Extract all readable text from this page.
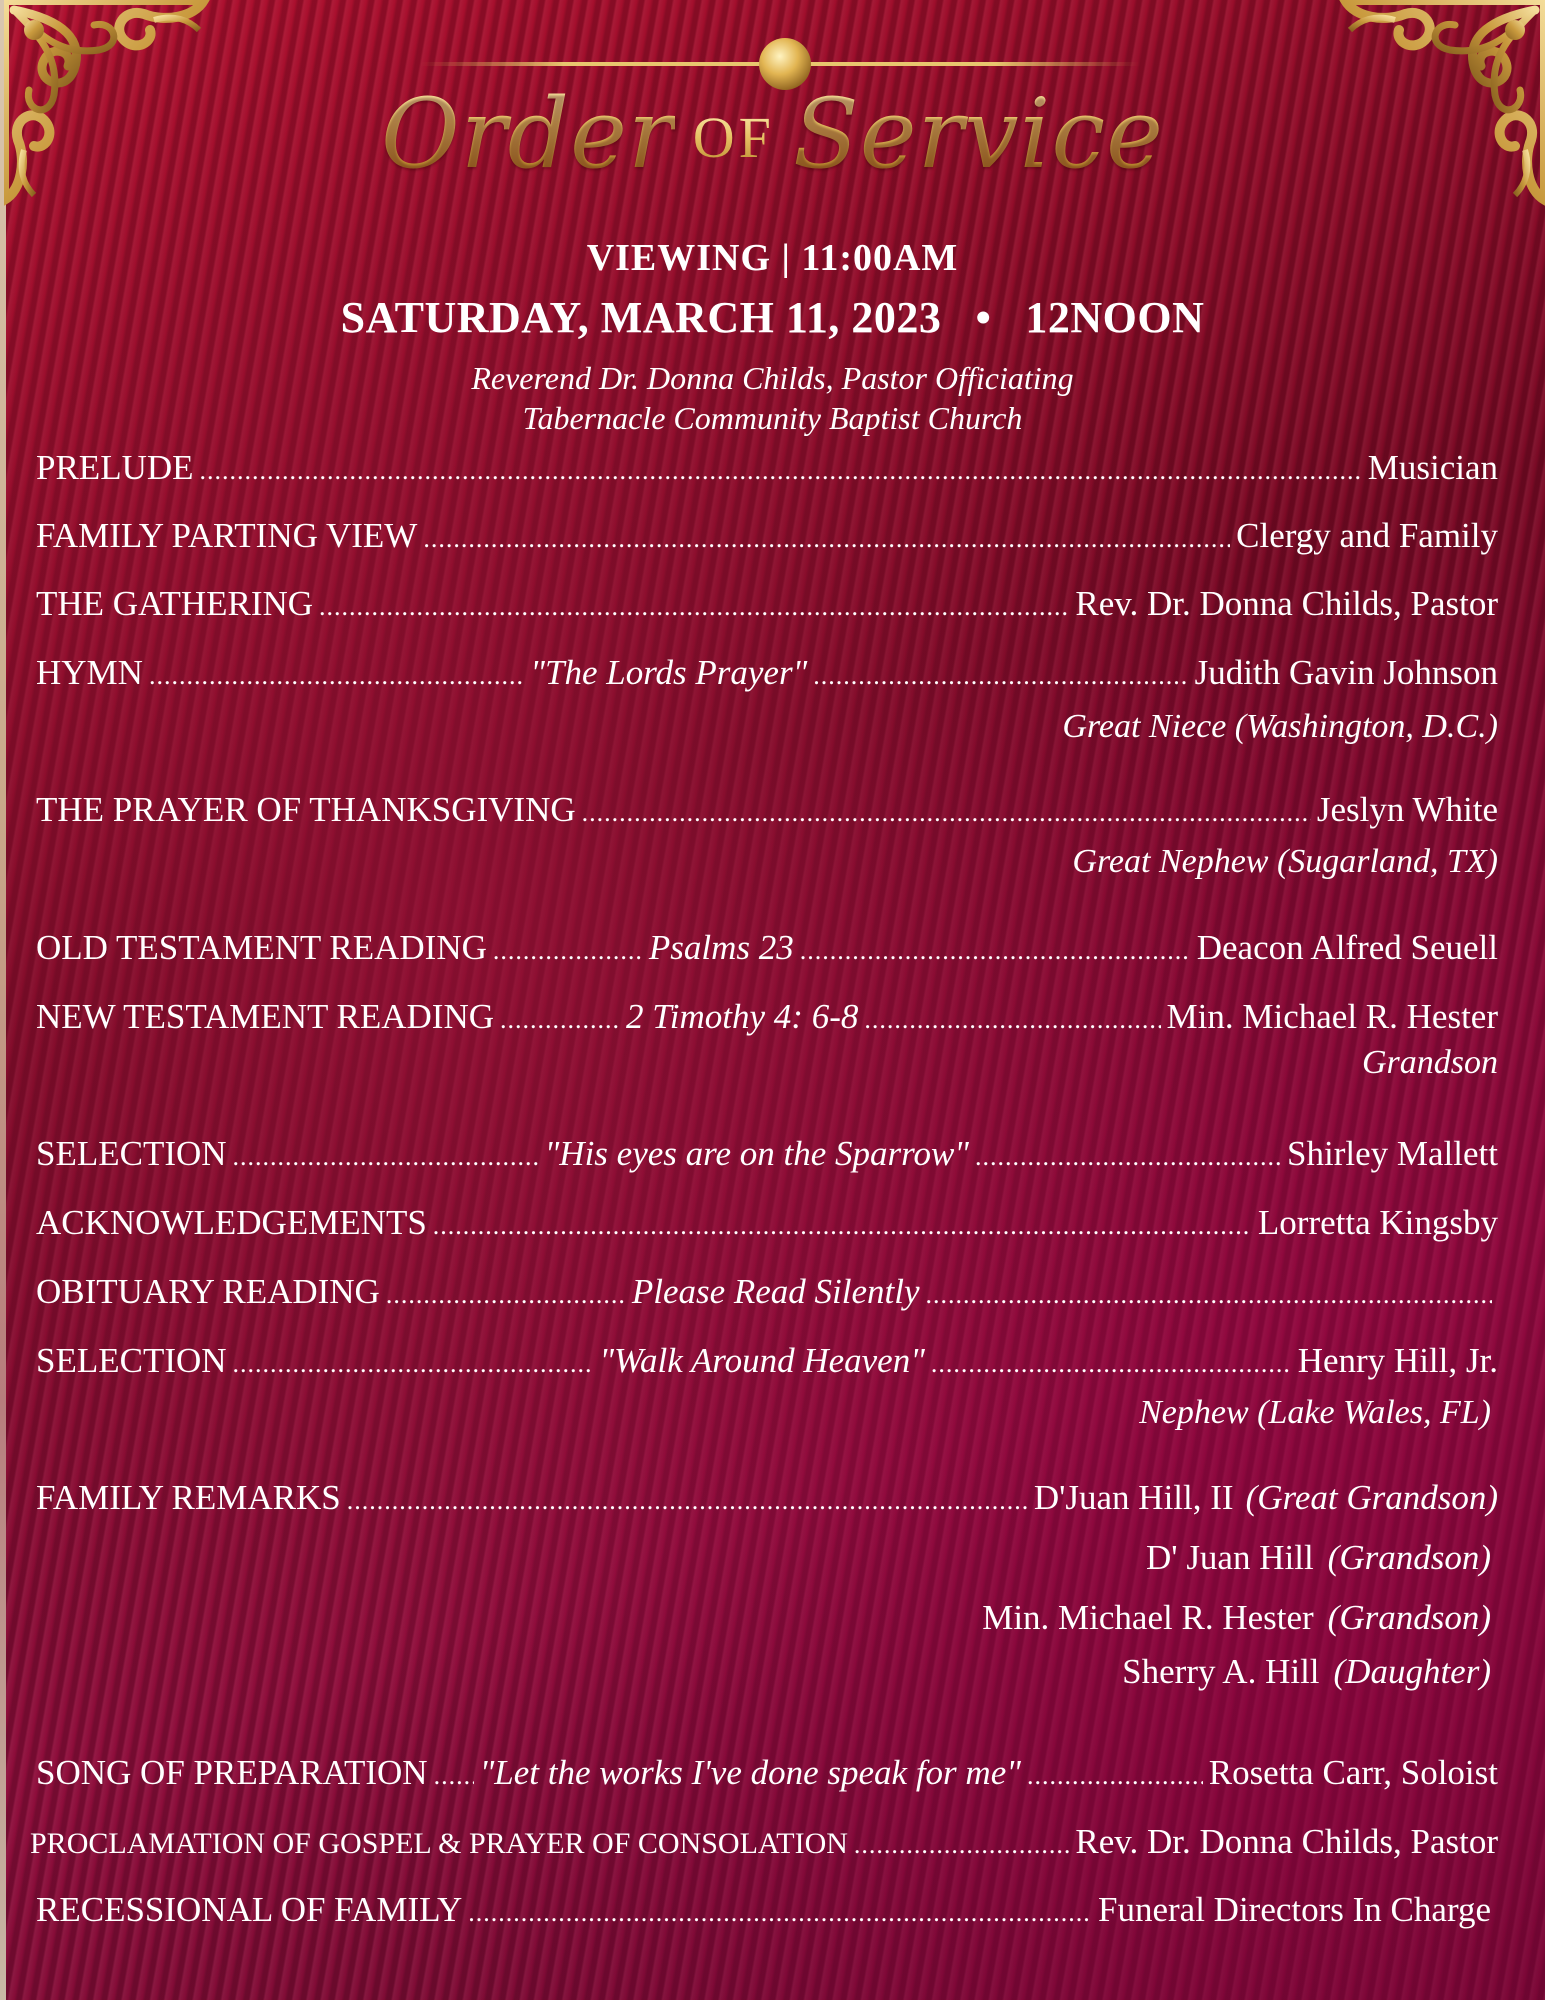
Order OF Service
VIEWING | 11:00AM
SATURDAY, MARCH 11, 2023 • 12NOON
Reverend Dr. Donna Childs, Pastor Officiating
Tabernacle Community Baptist Church
PRELUDE .....	Musician
FAMILY PARTING VIEW .....	Clergy and Family
THE GATHERING .....	Rev. Dr. Donna Childs, Pastor
HYMN .....	"The Lords Prayer" .....	Judith Gavin Johnson
Great Niece (Washington, D.C.)
THE PRAYER OF THANKSGIVING .....	Jeslyn White
Great Nephew (Sugarland, TX)
OLD TESTAMENT READING .....	Psalms 23 .....	Deacon Alfred Seuell
NEW TESTAMENT READING .....	2 Timothy 4: 6-8 .....	Min. Michael R. Hester
Grandson
SELECTION .....	"His eyes are on the Sparrow" .....	Shirley Mallett
ACKNOWLEDGEMENTS .....	Lorretta Kingsby
OBITUARY READING .....	Please Read Silently
.....
SELECTION .....	"Walk Around Heaven" .....	Henry Hill, Jr.
Nephew (Lake Wales, FL)
FAMILY REMARKS .....	D'Juan Hill, II (Great Grandson)
D' Juan Hill (Grandson)
Min. Michael R. Hester (Grandson)
Sherry A. Hill (Daughter)
SONG OF PREPARATION ..... "Let the works I've done speak for me" .....	Rosetta Carr, Soloist
PROCLAMATION OF GOSPEL & PRAYER OF CONSOLATION .....	Rev. Dr. Donna Childs, Pastor
RECESSIONAL OF FAMILY .....	Funeral Directors In Charge
